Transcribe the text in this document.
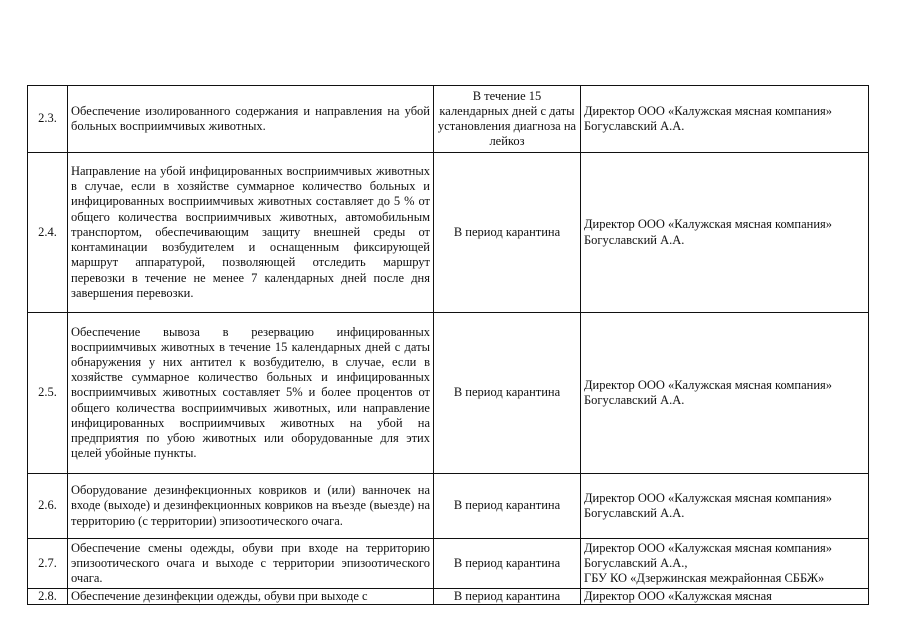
2.3.	Обеспечение изолированного содержания и направления на убой больных восприимчивых животных.	В течение 15 календарных дней с даты установления диагноза на лейкоз	Директор ООО «Калужская мясная компания» Богуславский А.А.

2.4.	Направление на убой инфицированных восприимчивых животных в случае, если в хозяйстве суммарное количество больных и инфицированных восприимчивых животных составляет до 5 % от общего количества восприимчивых животных, автомобильным транспортом, обеспечивающим защиту внешней среды от контаминации возбудителем и оснащенным фиксирующей маршрут аппаратурой, позволяющей отследить маршрут перевозки в течение не менее 7 календарных дней после дня завершения перевозки.	В период карантина	Директор ООО «Калужская мясная компания» Богуславский А.А.

2.5.	Обеспечение вывоза в резервацию инфицированных восприимчивых животных в течение 15 календарных дней с даты обнаружения у них антител к возбудителю, в случае, если в хозяйстве суммарное количество больных и инфицированных восприимчивых животных составляет 5% и более процентов от общего количества восприимчивых животных, или направление инфицированных восприимчивых животных на убой на предприятия по убою животных или оборудованные для этих целей убойные пункты.	В период карантина	Директор ООО «Калужская мясная компания» Богуславский А.А.

2.6.	Оборудование дезинфекционных ковриков и (или) ванночек на входе (выходе) и дезинфекционных ковриков на въезде (выезде) на территорию (с территории) эпизоотического очага.	В период карантина	Директор ООО «Калужская мясная компания» Богуславский А.А.

2.7.	Обеспечение смены одежды, обуви при входе на территорию эпизоотического очага и выходе с территории эпизоотического очага.	В период карантина	Директор ООО «Калужская мясная компания» Богуславский А.А.,
ГБУ КО «Дзержинская межрайонная СББЖ»

2.8.	Обеспечение дезинфекции одежды, обуви при выходе с	В период карантина	Директор ООО «Калужская мясная
